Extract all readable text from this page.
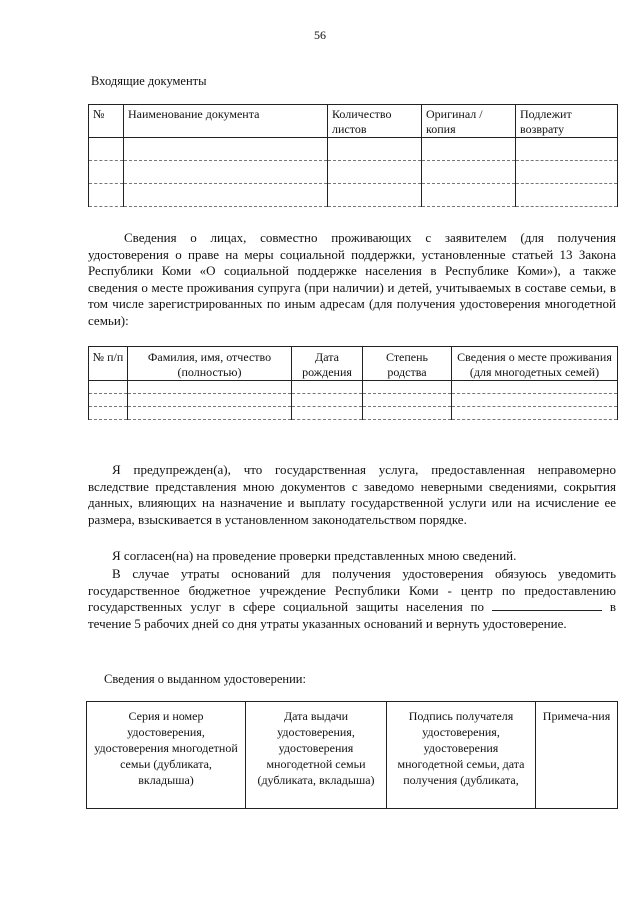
56
Входящие документы
№	Наименование документа	Количество листов	Оригинал /копия	Подлежит возврату

Сведения о лицах, совместно проживающих с заявителем (для получения удостоверения о праве на меры социальной поддержки, установленные статьей 13 Закона Республики Коми «О социальной поддержке населения в Республике Коми»), а также сведения о месте проживания супруга (при наличии) и детей, учитываемых в составе семьи, в том числе зарегистрированных по иным адресам (для получения удостоверения многодетной семьи):
№ п/п	Фамилия, имя, отчество (полностью)	Дата рождения	Степень родства	Сведения о месте проживания (для многодетных семей)

Я предупрежден(а), что государственная услуга, предоставленная неправомерно вследствие представления мною документов с заведомо неверными сведениями, сокрытия данных, влияющих на назначение и выплату государственной услуги или на исчисление ее размера, взыскивается в установленном законодательством порядке.
Я согласен(на) на проведение проверки представленных мною сведений.
В случае утраты оснований для получения удостоверения обязуюсь уведомить государственное бюджетное учреждение Республики Коми - центр по предоставлению государственных услуг в сфере социальной защиты населения по	в течение 5 рабочих дней со дня утраты указанных оснований и вернуть удостоверение.
Сведения о выданном удостоверении:
Серия и номер удостоверения, удостоверения многодетной семьи (дубликата, вкладыша)	Дата выдачи удостоверения, удостоверения многодетной семьи (дубликата, вкладыша)	Подпись получателя удостоверения, удостоверения многодетной семьи, дата получения (дубликата,	Примеча-ния
